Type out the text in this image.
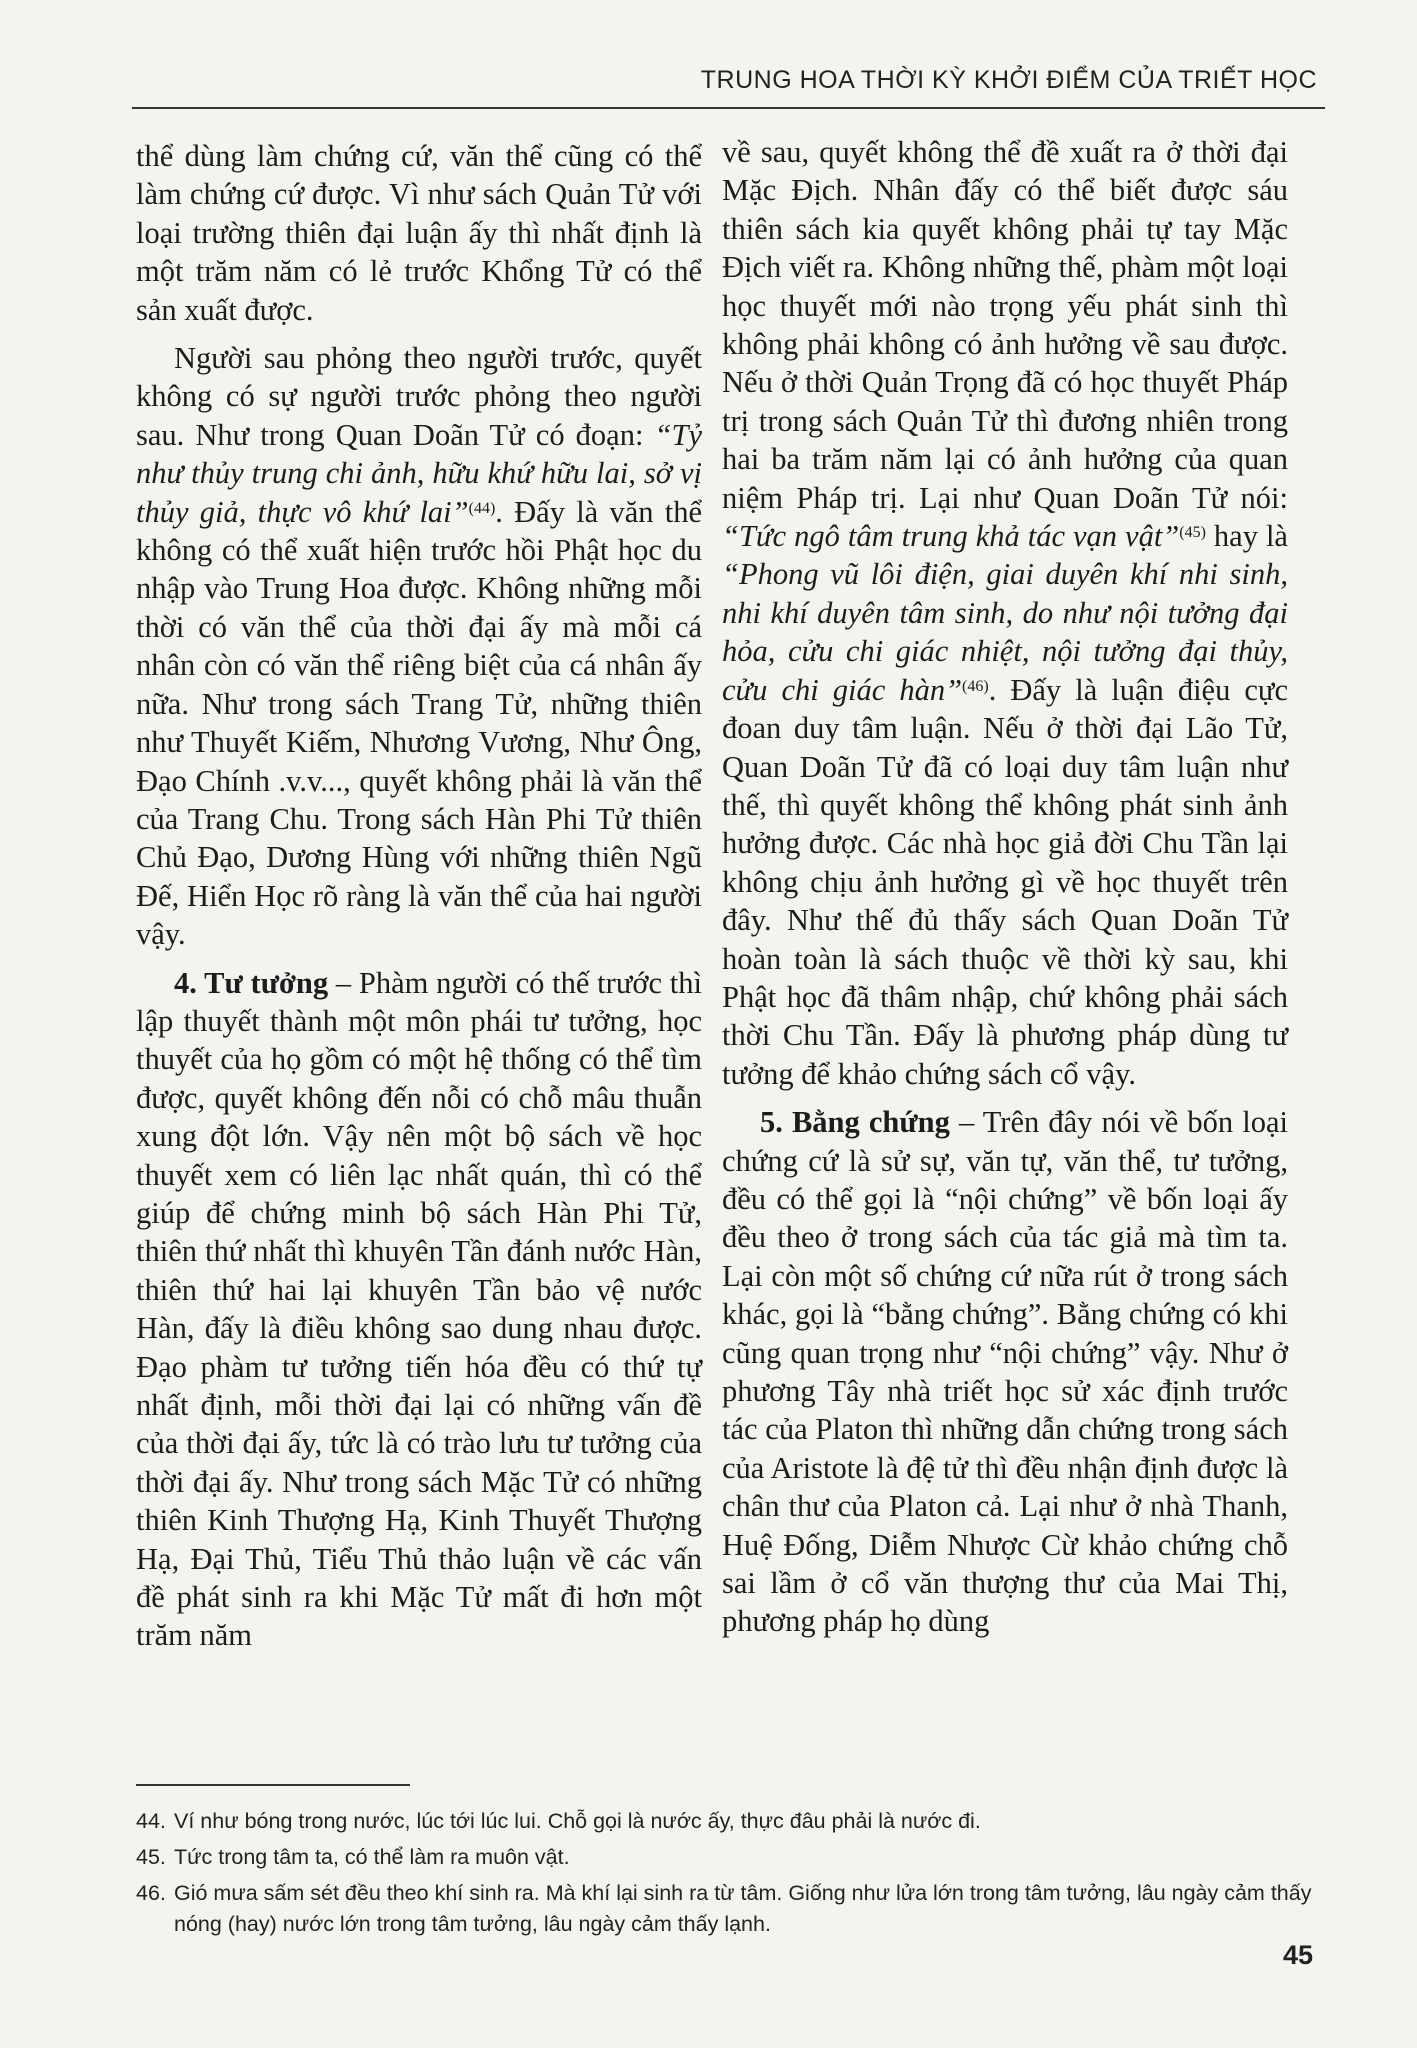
TRUNG HOA THỜI KỲ KHỞI ĐIỂM CỦA TRIẾT HỌC

thể dùng làm chứng cứ, văn thể cũng có thể làm chứng cứ được. Vì như sách Quản Tử với loại trường thiên đại luận ấy thì nhất định là một trăm năm có lẻ trước Khổng Tử có thể sản xuất được.

Người sau phỏng theo người trước, quyết không có sự người trước phỏng theo người sau. Như trong Quan Doãn Tử có đoạn: “Tỷ như thủy trung chi ảnh, hữu khứ hữu lai, sở vị thủy giả, thực vô khứ lai”$^{(44)}$. Đấy là văn thể không có thể xuất hiện trước hồi Phật học du nhập vào Trung Hoa được. Không những mỗi thời có văn thể của thời đại ấy mà mỗi cá nhân còn có văn thể riêng biệt của cá nhân ấy nữa. Như trong sách Trang Tử, những thiên như Thuyết Kiếm, Nhương Vương, Như Ông, Đạo Chính .v.v..., quyết không phải là văn thể của Trang Chu. Trong sách Hàn Phi Tử thiên Chủ Đạo, Dương Hùng với những thiên Ngũ Đế, Hiển Học rõ ràng là văn thể của hai người vậy.

4. Tư tưởng – Phàm người có thế trước thì lập thuyết thành một môn phái tư tưởng, học thuyết của họ gồm có một hệ thống có thể tìm được, quyết không đến nỗi có chỗ mâu thuẫn xung đột lớn. Vậy nên một bộ sách về học thuyết xem có liên lạc nhất quán, thì có thể giúp để chứng minh bộ sách Hàn Phi Tử, thiên thứ nhất thì khuyên Tần đánh nước Hàn, thiên thứ hai lại khuyên Tần bảo vệ nước Hàn, đấy là điều không sao dung nhau được. Đạo phàm tư tưởng tiến hóa đều có thứ tự nhất định, mỗi thời đại lại có những vấn đề của thời đại ấy, tức là có trào lưu tư tưởng của thời đại ấy. Như trong sách Mặc Tử có những thiên Kinh Thượng Hạ, Kinh Thuyết Thượng Hạ, Đại Thủ, Tiểu Thủ thảo luận về các vấn đề phát sinh ra khi Mặc Tử mất đi hơn một trăm năm

về sau, quyết không thể đề xuất ra ở thời đại Mặc Địch. Nhân đấy có thể biết được sáu thiên sách kia quyết không phải tự tay Mặc Địch viết ra. Không những thế, phàm một loại học thuyết mới nào trọng yếu phát sinh thì không phải không có ảnh hưởng về sau được. Nếu ở thời Quản Trọng đã có học thuyết Pháp trị trong sách Quản Tử thì đương nhiên trong hai ba trăm năm lại có ảnh hưởng của quan niệm Pháp trị. Lại như Quan Doãn Tử nói: “Tức ngô tâm trung khả tác vạn vật”$^{(45)}$ hay là “Phong vũ lôi điện, giai duyên khí nhi sinh, nhi khí duyên tâm sinh, do như nội tưởng đại hỏa, cửu chi giác nhiệt, nội tưởng đại thủy, cửu chi giác hàn”$^{(46)}$. Đấy là luận điệu cực đoan duy tâm luận. Nếu ở thời đại Lão Tử, Quan Doãn Tử đã có loại duy tâm luận như thế, thì quyết không thể không phát sinh ảnh hưởng được. Các nhà học giả đời Chu Tần lại không chịu ảnh hưởng gì về học thuyết trên đây. Như thế đủ thấy sách Quan Doãn Tử hoàn toàn là sách thuộc về thời kỳ sau, khi Phật học đã thâm nhập, chứ không phải sách thời Chu Tần. Đấy là phương pháp dùng tư tưởng để khảo chứng sách cổ vậy.

5. Bằng chứng – Trên đây nói về bốn loại chứng cứ là sử sự, văn tự, văn thể, tư tưởng, đều có thể gọi là “nội chứng” về bốn loại ấy đều theo ở trong sách của tác giả mà tìm ta. Lại còn một số chứng cứ nữa rút ở trong sách khác, gọi là “bằng chứng”. Bằng chứng có khi cũng quan trọng như “nội chứng” vậy. Như ở phương Tây nhà triết học sử xác định trước tác của Platon thì những dẫn chứng trong sách của Aristote là đệ tử thì đều nhận định được là chân thư của Platon cả. Lại như ở nhà Thanh, Huệ Đống, Diễm Nhược Cừ khảo chứng chỗ sai lầm ở cổ văn thượng thư của Mai Thị, phương pháp họ dùng

44. Ví như bóng trong nước, lúc tới lúc lui. Chỗ gọi là nước ấy, thực đâu phải là nước đi.

45. Tức trong tâm ta, có thể làm ra muôn vật.

46. Gió mưa sấm sét đều theo khí sinh ra. Mà khí lại sinh ra từ tâm. Giống như lửa lớn trong tâm tưởng, lâu ngày cảm thấy nóng (hay) nước lớn trong tâm tưởng, lâu ngày cảm thấy lạnh.

45
